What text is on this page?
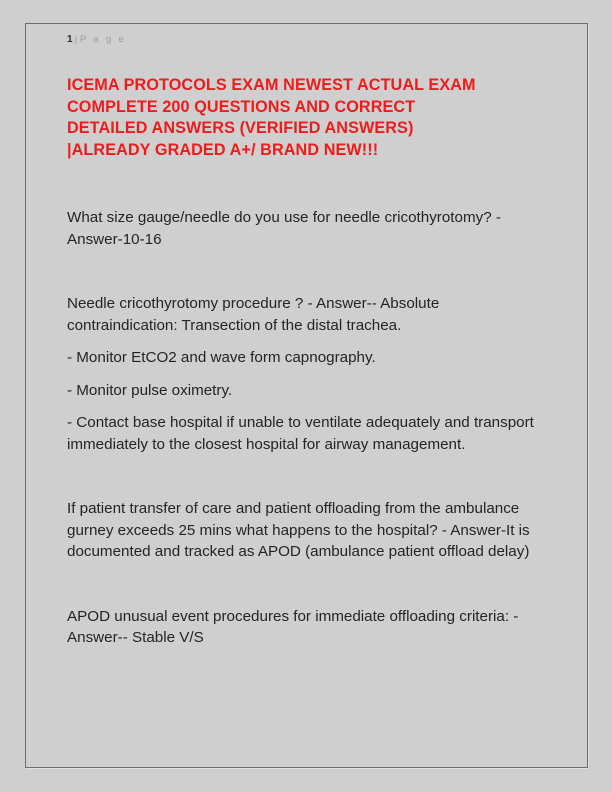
1 | P a g e
ICEMA PROTOCOLS EXAM NEWEST ACTUAL EXAM
COMPLETE 200 QUESTIONS AND CORRECT
DETAILED ANSWERS (VERIFIED ANSWERS)
|ALREADY GRADED A+/ BRAND NEW!!!

What size gauge/needle do you use for needle cricothyrotomy? - Answer-10-16

Needle cricothyrotomy procedure ? - Answer-- Absolute contraindication: Transection of the distal trachea.

- Monitor EtCO2 and wave form capnography.

- Monitor pulse oximetry.

- Contact base hospital if unable to ventilate adequately and transport immediately to the closest hospital for airway management.

If patient transfer of care and patient offloading from the ambulance gurney exceeds 25 mins what happens to the hospital? - Answer-It is documented and tracked as APOD (ambulance patient offload delay)

APOD unusual event procedures for immediate offloading criteria: - Answer-- Stable V/S
